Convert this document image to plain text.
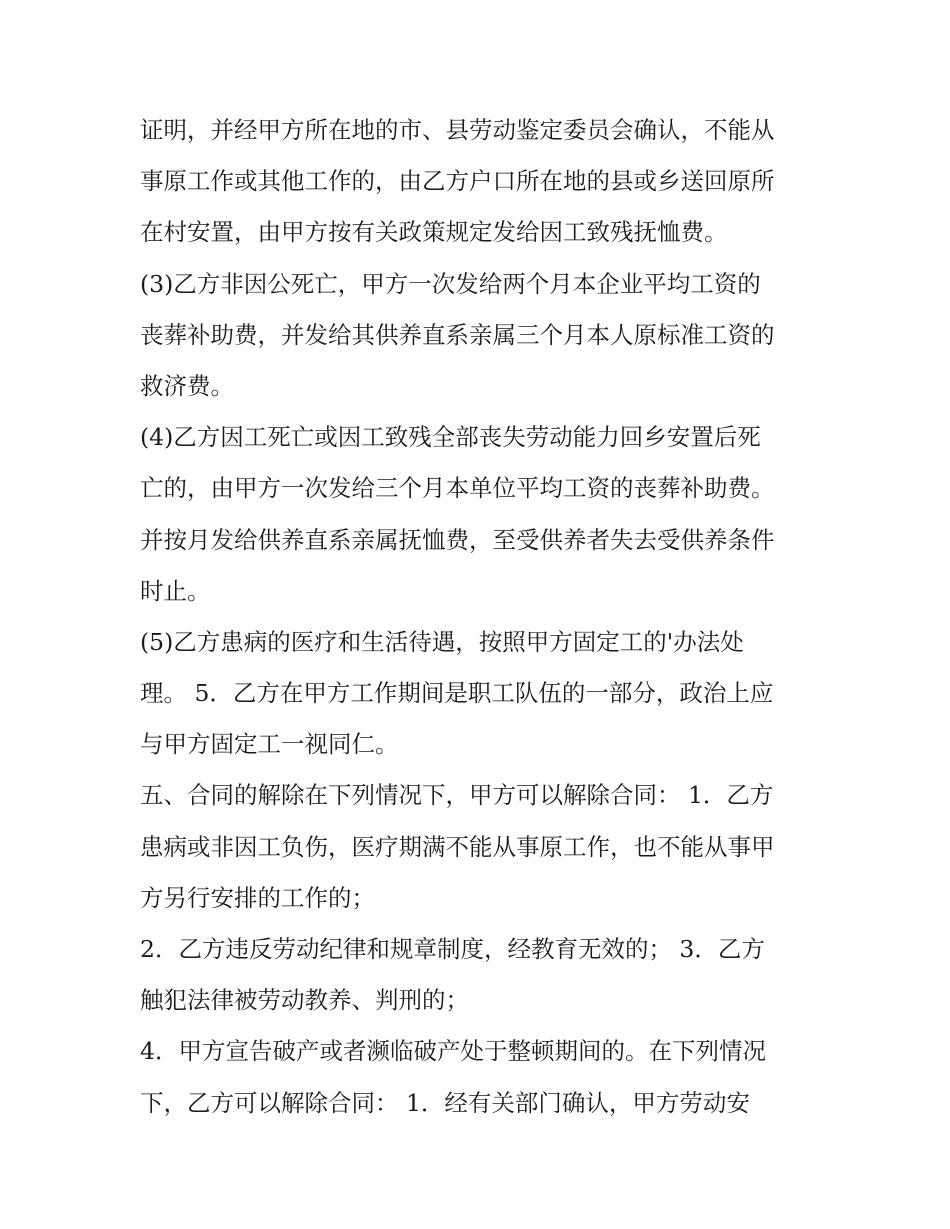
证明，并经甲方所在地的市、县劳动鉴定委员会确认，不能从
事原工作或其他工作的，由乙方户口所在地的县或乡送回原所
在村安置，由甲方按有关政策规定发给因工致残抚恤费。
(3)乙方非因公死亡，甲方一次发给两个月本企业平均工资的
丧葬补助费，并发给其供养直系亲属三个月本人原标准工资的
救济费。
(4)乙方因工死亡或因工致残全部丧失劳动能力回乡安置后死
亡的，由甲方一次发给三个月本单位平均工资的丧葬补助费。
并按月发给供养直系亲属抚恤费，至受供养者失去受供养条件
时止。
(5)乙方患病的医疗和生活待遇，按照甲方固定工的'办法处
理。 5．乙方在甲方工作期间是职工队伍的一部分，政治上应
与甲方固定工一视同仁。
五、合同的解除在下列情况下，甲方可以解除合同： 1．乙方
患病或非因工负伤，医疗期满不能从事原工作，也不能从事甲
方另行安排的工作的；
2．乙方违反劳动纪律和规章制度，经教育无效的； 3．乙方
触犯法律被劳动教养、判刑的；
4．甲方宣告破产或者濒临破产处于整顿期间的。在下列情况
下，乙方可以解除合同： 1．经有关部门确认，甲方劳动安
